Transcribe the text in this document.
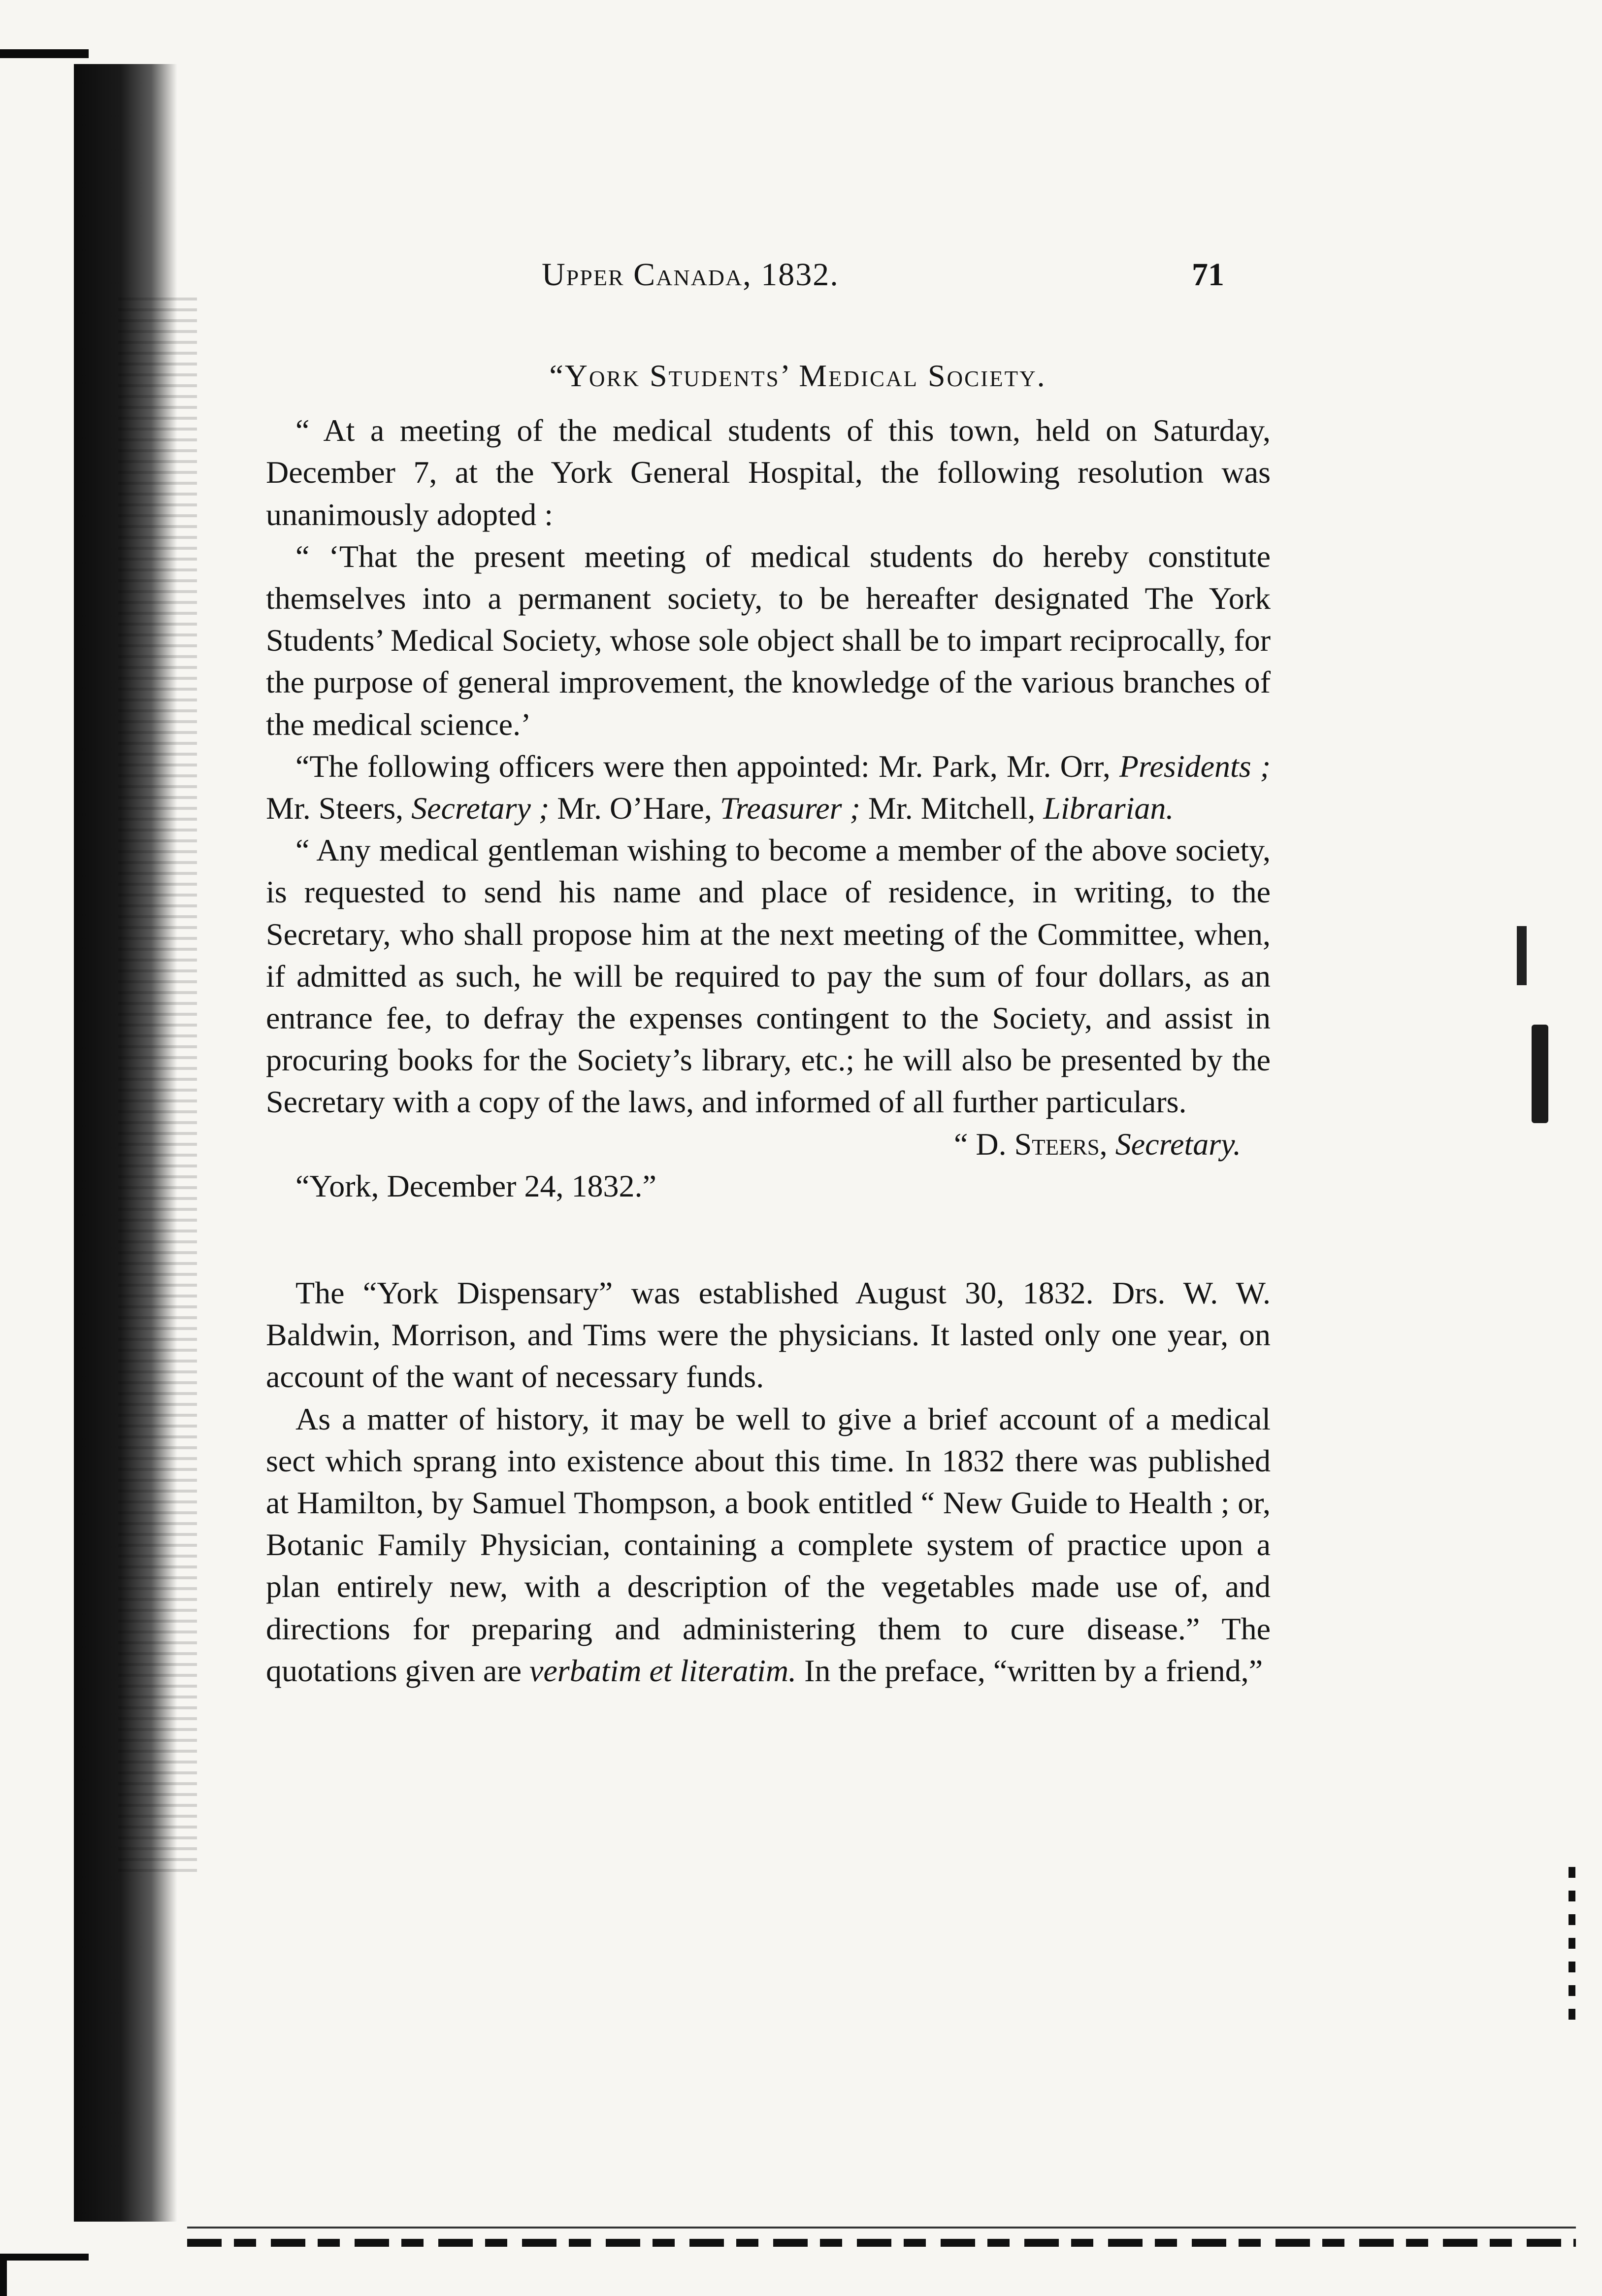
Upper Canada, 1832.	71
“York Students’ Medical Society.

“ At a meeting of the medical students of this town, held on Saturday, December 7, at the York General Hospital, the following resolution was unanimously adopted :

“ ‘That the present meeting of medical students do hereby constitute themselves into a permanent society, to be hereafter designated The York Students’ Medical Society, whose sole object shall be to impart reciprocally, for the purpose of general improvement, the knowledge of the various branches of the medical science.’

“The following officers were then appointed: Mr. Park, Mr. Orr, Presidents ; Mr. Steers, Secretary ; Mr. O’Hare, Treasurer ; Mr. Mitchell, Librarian.

“ Any medical gentleman wishing to become a member of the above society, is requested to send his name and place of residence, in writing, to the Secretary, who shall propose him at the next meeting of the Committee, when, if admitted as such, he will be required to pay the sum of four dollars, as an entrance fee, to defray the expenses contingent to the Society, and assist in procuring books for the Society’s library, etc.; he will also be presented by the Secretary with a copy of the laws, and informed of all further particulars.

“ D. Steers, Secretary.
“York, December 24, 1832.”

The “York Dispensary” was established August 30, 1832. Drs. W. W. Baldwin, Morrison, and Tims were the physicians. It lasted only one year, on account of the want of necessary funds.

As a matter of history, it may be well to give a brief account of a medical sect which sprang into existence about this time. In 1832 there was published at Hamilton, by Samuel Thompson, a book entitled “ New Guide to Health ; or, Botanic Family Physician, containing a complete system of practice upon a plan entirely new, with a description of the vegetables made use of, and directions for preparing and administering them to cure disease.” The quotations given are verbatim et literatim. In the preface, “written by a friend,”
